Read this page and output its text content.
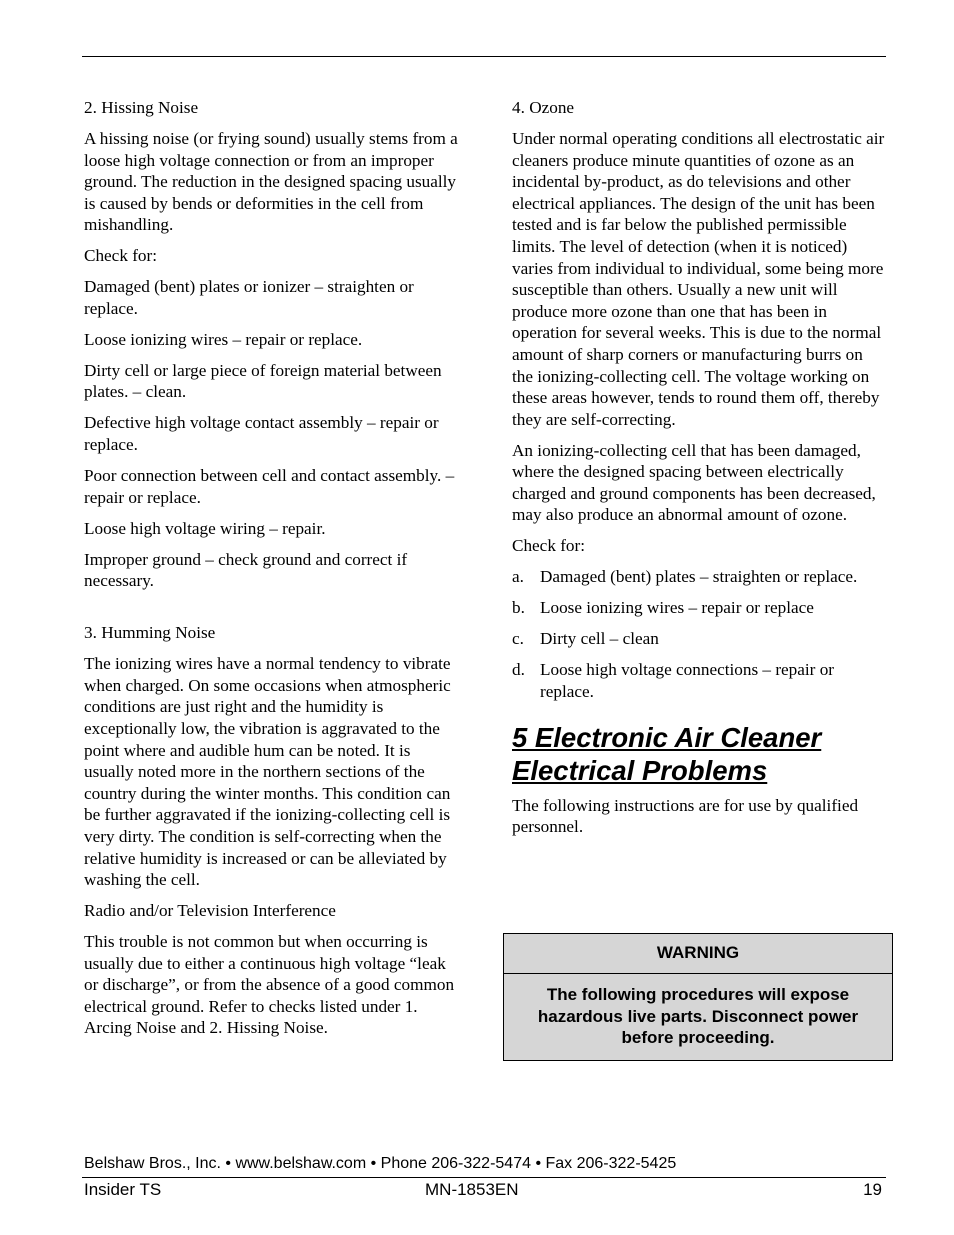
2. Hissing Noise

A hissing noise (or frying sound) usually stems from a loose high voltage connection or from an improper ground. The reduction in the designed spacing usually is caused by bends or deformities in the cell from mishandling.

Check for:

Damaged (bent) plates or ionizer – straighten or replace.

Loose ionizing wires – repair or replace.

Dirty cell or large piece of foreign material between plates. – clean.

Defective high voltage contact assembly – repair or replace.

Poor connection between cell and contact assembly. – repair or replace.

Loose high voltage wiring – repair.

Improper ground – check ground and correct if necessary.

3. Humming Noise

The ionizing wires have a normal tendency to vibrate when charged. On some occasions when atmospheric conditions are just right and the humidity is exceptionally low, the vibration is aggravated to the point where and audible hum can be noted. It is usually noted more in the northern sections of the country during the winter months. This condition can be further aggravated if the ionizing-collecting cell is very dirty. The condition is self-correcting when the relative humidity is increased or can be alleviated by washing the cell.

Radio and/or Television Interference

This trouble is not common but when occurring is usually due to either a continuous high voltage “leak or discharge”, or from the absence of a good common electrical ground. Refer to checks listed under 1. Arcing Noise and 2. Hissing Noise.

4. Ozone

Under normal operating conditions all electrostatic air cleaners produce minute quantities of ozone as an incidental by-product, as do televisions and other electrical appliances. The design of the unit has been tested and is far below the published permissible limits. The level of detection (when it is noticed) varies from individual to individual, some being more susceptible than others. Usually a new unit will produce more ozone than one that has been in operation for several weeks. This is due to the normal amount of sharp corners or manufacturing burrs on the ionizing-collecting cell. The voltage working on these areas however, tends to round them off, thereby they are self-correcting.

An ionizing-collecting cell that has been damaged, where the designed spacing between electrically charged and ground components has been decreased, may also produce an abnormal amount of ozone.

Check for:

a. Damaged (bent) plates – straighten or replace.
b. Loose ionizing wires – repair or replace
c. Dirty cell – clean
d. Loose high voltage connections – repair or replace.
5 Electronic Air Cleaner Electrical Problems

The following instructions are for use by qualified personnel.

WARNING
The following procedures will expose hazardous live parts. Disconnect power before proceeding.
Belshaw Bros., Inc. • www.belshaw.com • Phone 206-322-5474 • Fax 206-322-5425
Insider TS	MN-1853EN	19
